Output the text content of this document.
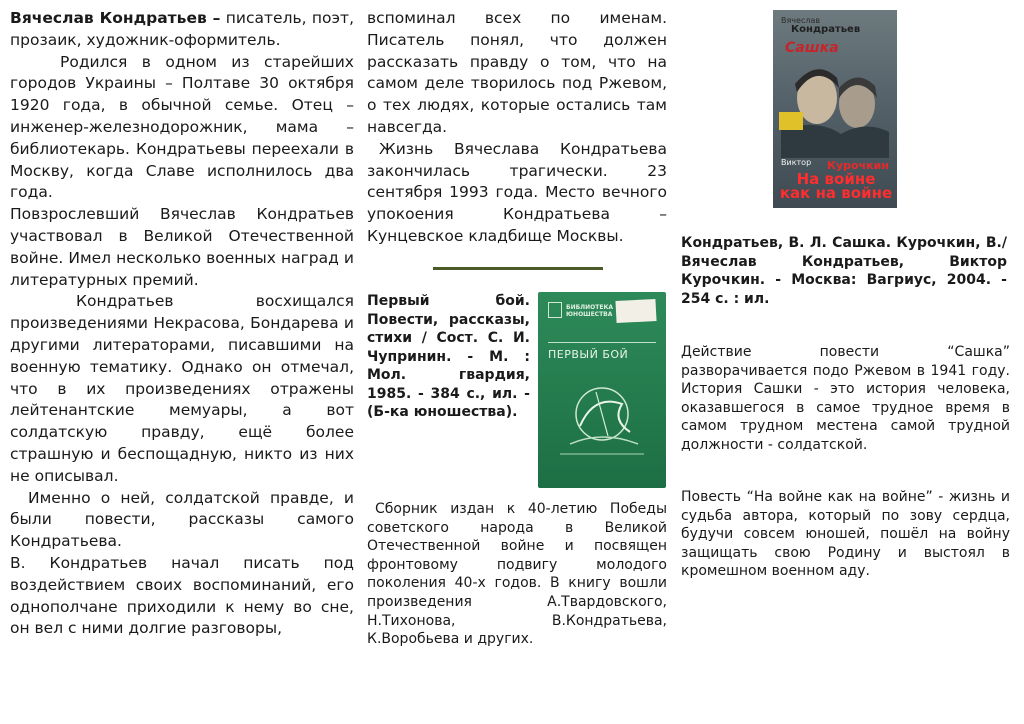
Вячеслав Кондратьев – писатель, поэт, прозаик, художник-оформитель.

Родился в одном из старейших городов Украины – Полтаве 30 октября 1920 года, в обычной семье. Отец – инженер-железнодорожник, мама – библиотекарь. Кондратьевы переехали в Москву, когда Славе исполнилось два года.

Повзрослевший Вячеслав Кондратьев участвовал в Великой Отечественной войне. Имел несколько военных наград и литературных премий.

Кондратьев восхищался произведениями Некрасова, Бондарева и другими литераторами, писавшими на военную тематику. Однако он отмечал, что в их произведениях отражены лейтенантские мемуары, а вот солдатскую правду, ещё более страшную и беспощадную, никто из них не описывал.

Именно о ней, солдатской правде, и были повести, рассказы самого Кондратьева.

В. Кондратьев начал писать под воздействием своих воспоминаний, его однополчане приходили к нему во сне, он вел с ними долгие разговоры,

вспоминал всех по именам. Писатель понял, что должен рассказать правду о том, что на самом деле творилось под Ржевом, о тех людях, которые остались там навсегда.

Жизнь Вячеслава Кондратьева закончилась трагически. 23 сентября 1993 года. Место вечного упокоения Кондратьева – Кунцевское кладбище Москвы.

Первый бой. Повести, рассказы, стихи / Сост. С. И. Чупринин. - М. : Мол. гвардия, 1985. - 384 с., ил. - (Б-ка юношества).

БИБЛИОТЕКА ЮНОШЕСТВА
ПЕРВЫЙ БОЙ

Сборник издан к 40-летию Победы советского народа в Великой Отечественной войне и посвящен фронтовому подвигу молодого поколения 40-х годов. В книгу вошли произведения А.Твардовского, Н.Тихонова, В.Кондратьева, К.Воробьева и других.

Вячеслав
Кондратьев
Сашка
Виктор Курочкин
На войне как на войне

Кондратьев, В. Л. Сашка. Курочкин, В./Вячеслав Кондратьев, Виктор Курочкин. - Москва: Вагриус, 2004. - 254 с. : ил.

Действие повести “Сашка” разворачивается подо Ржевом в 1941 году. История Сашки - это история человека, оказавшегося в самое трудное время в самом трудном местена самой трудной должности - солдатской.

Повесть “На войне как на войне” - жизнь и судьба автора, который по зову сердца, будучи совсем юношей, пошёл на войну защищать свою Родину и выстоял в кромешном военном аду.
